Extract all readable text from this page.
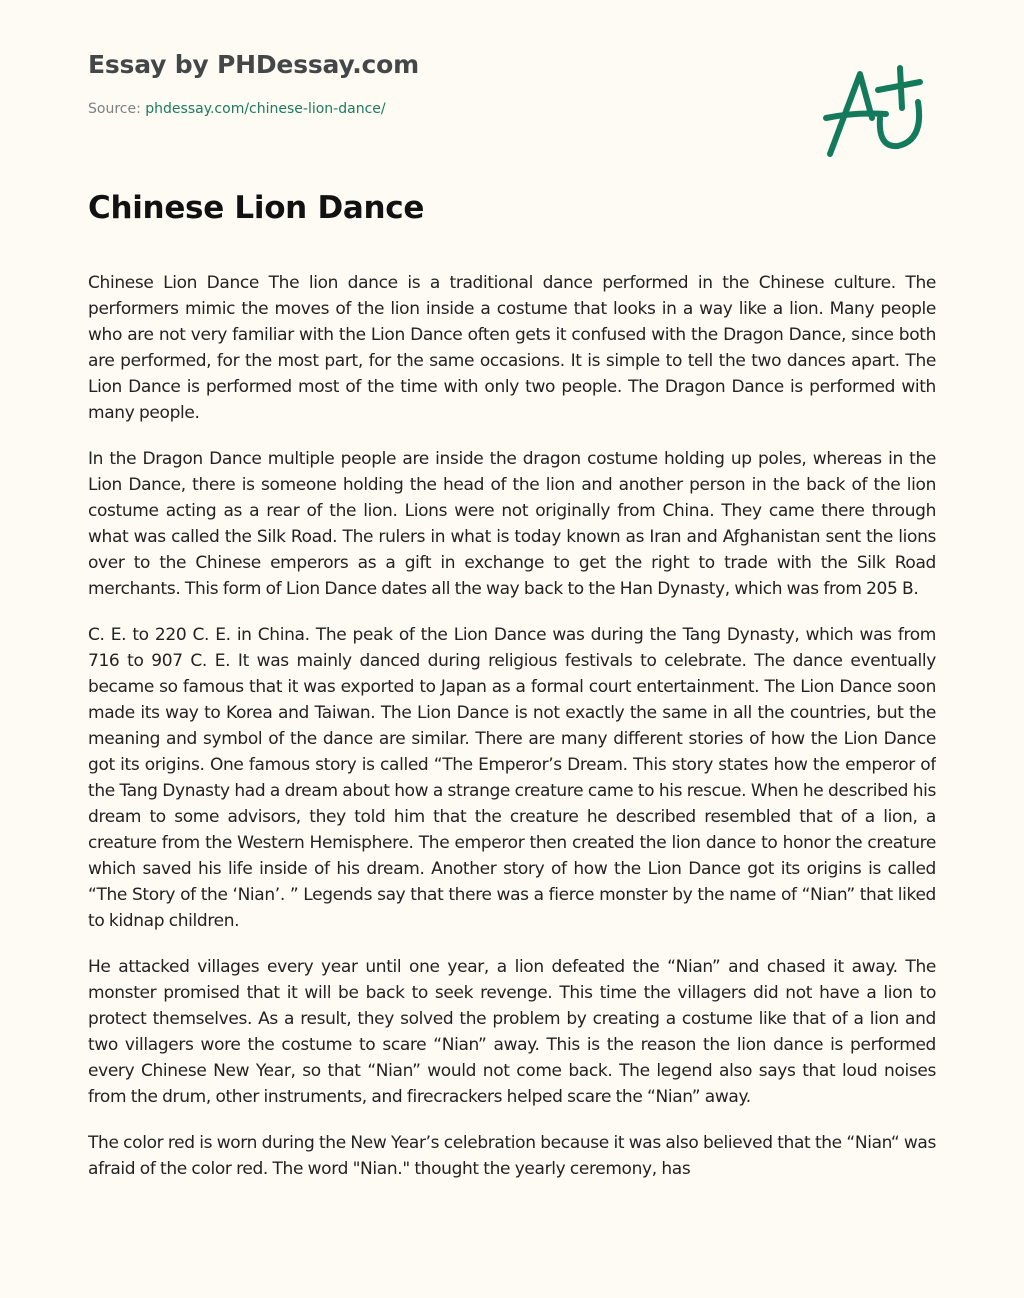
Essay by PHDessay.com
Source: phdessay.com/chinese-lion-dance/
Chinese Lion Dance

Chinese Lion Dance The lion dance is a traditional dance performed in the Chinese culture. The performers mimic the moves of the lion inside a costume that looks in a way like a lion. Many people who are not very familiar with the Lion Dance often gets it confused with the Dragon Dance, since both are performed, for the most part, for the same occasions. It is simple to tell the two dances apart. The Lion Dance is performed most of the time with only two people. The Dragon Dance is performed with many people.

In the Dragon Dance multiple people are inside the dragon costume holding up poles, whereas in the Lion Dance, there is someone holding the head of the lion and another person in the back of the lion costume acting as a rear of the lion. Lions were not originally from China. They came there through what was called the Silk Road. The rulers in what is today known as Iran and Afghanistan sent the lions over to the Chinese emperors as a gift in exchange to get the right to trade with the Silk Road merchants. This form of Lion Dance dates all the way back to the Han Dynasty, which was from 205 B.

C. E. to 220 C. E. in China. The peak of the Lion Dance was during the Tang Dynasty, which was from 716 to 907 C. E. It was mainly danced during religious festivals to celebrate. The dance eventually became so famous that it was exported to Japan as a formal court entertainment. The Lion Dance soon made its way to Korea and Taiwan. The Lion Dance is not exactly the same in all the countries, but the meaning and symbol of the dance are similar. There are many different stories of how the Lion Dance got its origins. One famous story is called “The Emperor’s Dream. This story states how the emperor of the Tang Dynasty had a dream about how a strange creature came to his rescue. When he described his dream to some advisors, they told him that the creature he described resembled that of a lion, a creature from the Western Hemisphere. The emperor then created the lion dance to honor the creature which saved his life inside of his dream. Another story of how the Lion Dance got its origins is called “The Story of the ‘Nian’. ” Legends say that there was a fierce monster by the name of “Nian” that liked to kidnap children.

He attacked villages every year until one year, a lion defeated the “Nian” and chased it away. The monster promised that it will be back to seek revenge. This time the villagers did not have a lion to protect themselves. As a result, they solved the problem by creating a costume like that of a lion and two villagers wore the costume to scare “Nian” away. This is the reason the lion dance is performed every Chinese New Year, so that “Nian” would not come back. The legend also says that loud noises from the drum, other instruments, and firecrackers helped scare the “Nian” away.

The color red is worn during the New Year’s celebration because it was also believed that the “Nian“ was afraid of the color red. The word "Nian." thought the yearly ceremony, has
